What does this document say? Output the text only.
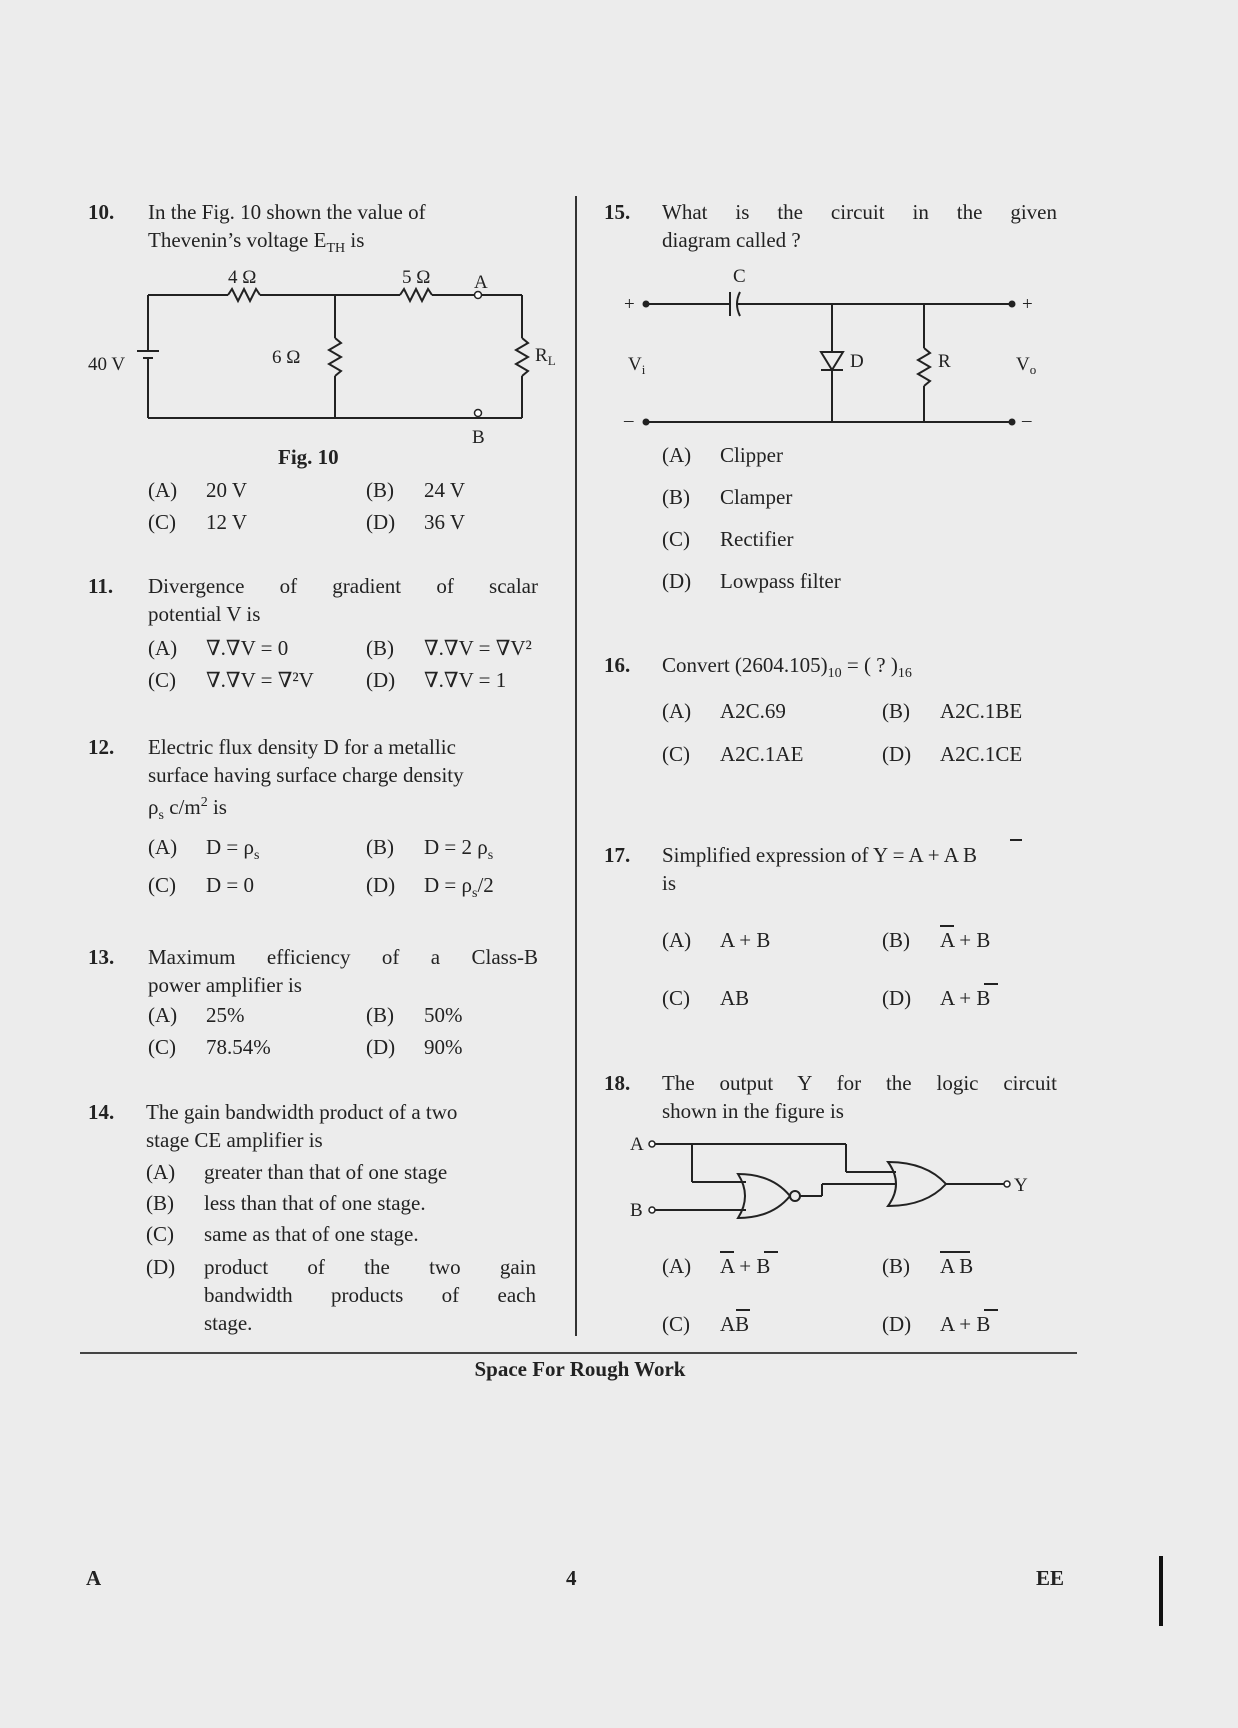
10. In the Fig. 10 shown the value of
Thevenin’s voltage $E_{TH}$ is
4 Ω	5 Ω A
6 Ω
40 V	$R_L$
B
Fig. 10
(A) 20 V	(B) 24 V
(C) 12 V	(D) 36 V
11. Divergence of gradient of scalar
potential V is
(A) ∇.∇V = 0	(B) ∇.∇V = ∇V²
(C) ∇.∇V = ∇²V (D) ∇.∇V = 1
12. Electric flux density D for a metallic
surface having surface charge density
$\rho_s$ $c/m^2$ is
(A) $D = \rho_s$	(B) D = 2 $\rho_s$
(C) D = 0	(D) $D = \rho_s/2$
13. Maximum efficiency of a Class-B
power amplifier is
(A) 25%	(B) 50%
(C) 78.54%	(D) 90%
14. The gain bandwidth product of a two
stage CE amplifier is
(A) greater than that of one stage
(B) less than that of one stage.
(C) same as that of one stage.
(D) product of the two gain
bandwidth products of each
stage.
15. What is the circuit in the given
diagram called ?
C
+	+
–	–
$V_i$	$V_o$
D	R
(A) Clipper
(B) Clamper
(C) Rectifier
(D) Lowpass filter
16. Convert $(2604.105)_{10}$ = ( ? )$_{16}$
(A) A2C.69	(B) A2C.1BE
(C) A2C.1AE	(D) A2C.1CE
17. Simplified expression of Y = A + A B
is
(A) A + B	(B) A + B
(C) AB	(D) A + B
18. The output Y for the logic circuit
shown in the figure is
A
B
Y
(A) A + B	(B) A B
(C) AB	(D) A + B
Space For Rough Work
A	4	EE
